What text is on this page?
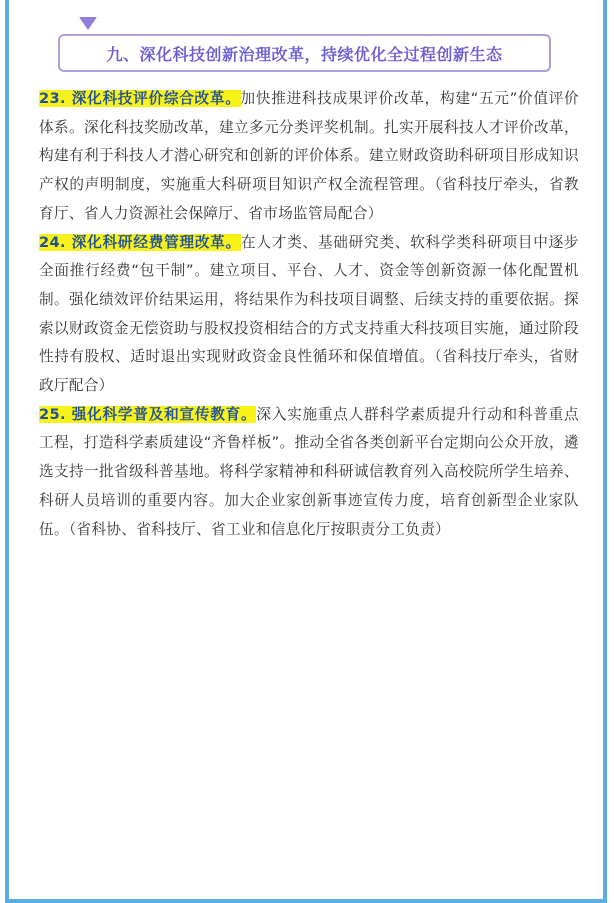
九、深化科技创新治理改革，持续优化全过程创新生态

23. 深化科技评价综合改革。加快推进科技成果评价改革，构建“五元”价值评价体系。深化科技奖励改革，建立多元分类评奖机制。扎实开展科技人才评价改革，构建有利于科技人才潜心研究和创新的评价体系。建立财政资助科研项目形成知识产权的声明制度，实施重大科研项目知识产权全流程管理。（省科技厅牵头，省教育厅、省人力资源社会保障厅、省市场监管局配合）

24. 深化科研经费管理改革。在人才类、基础研究类、软科学类科研项目中逐步全面推行经费“包干制”。建立项目、平台、人才、资金等创新资源一体化配置机制。强化绩效评价结果运用，将结果作为科技项目调整、后续支持的重要依据。探索以财政资金无偿资助与股权投资相结合的方式支持重大科技项目实施，通过阶段性持有股权、适时退出实现财政资金良性循环和保值增值。（省科技厅牵头，省财政厅配合）

25. 强化科学普及和宣传教育。深入实施重点人群科学素质提升行动和科普重点工程，打造科学素质建设“齐鲁样板”。推动全省各类创新平台定期向公众开放，遴选支持一批省级科普基地。将科学家精神和科研诚信教育列入高校院所学生培养、科研人员培训的重要内容。加大企业家创新事迹宣传力度，培育创新型企业家队伍。（省科协、省科技厅、省工业和信息化厅按职责分工负责）
